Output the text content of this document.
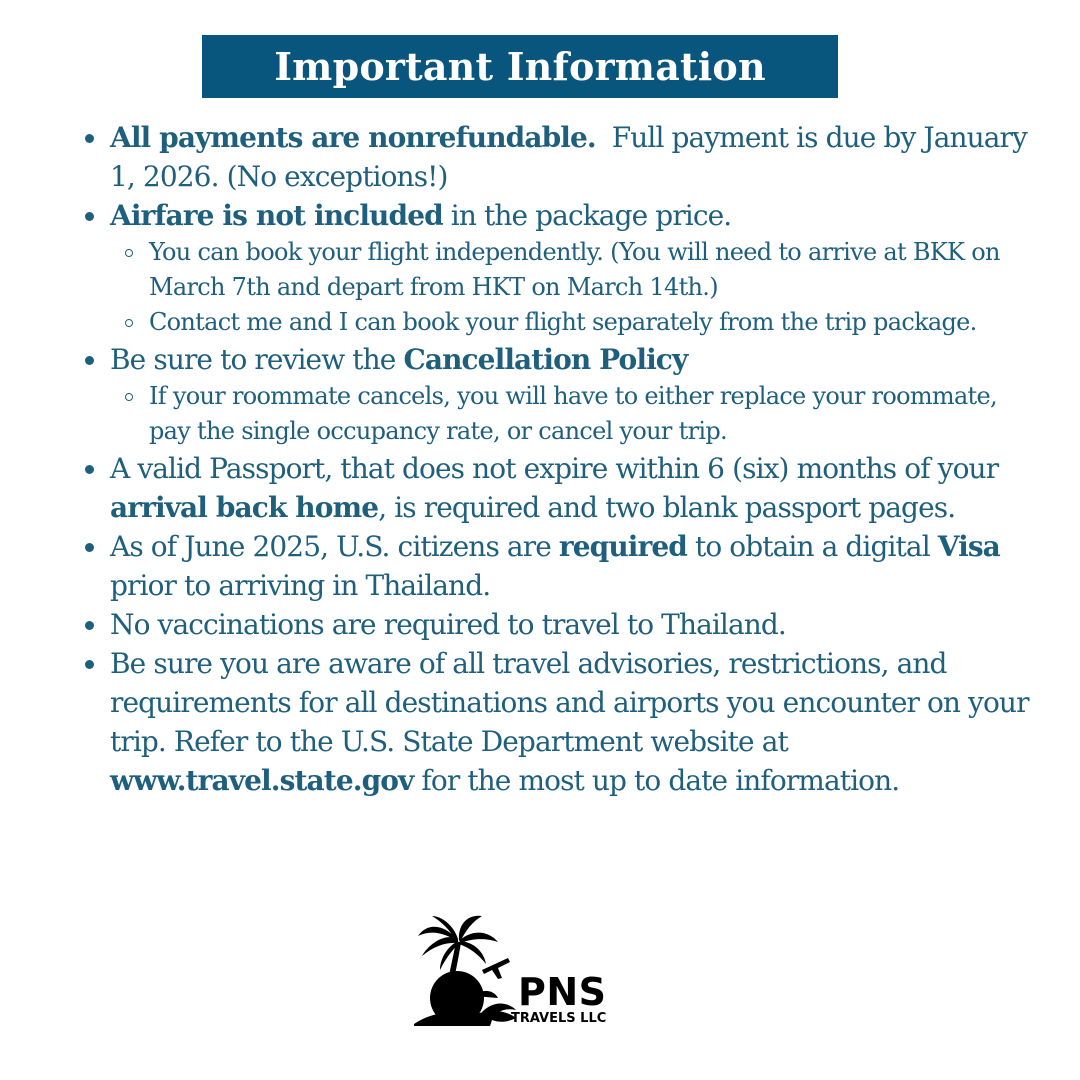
Important Information
All payments are nonrefundable.  Full payment is due by January 1, 2026. (No exceptions!)
Airfare is not included in the package price.
You can book your flight independently. (You will need to arrive at BKK on March 7th and depart from HKT on March 14th.)
Contact me and I can book your flight separately from the trip package.
Be sure to review the Cancellation Policy
If your roommate cancels, you will have to either replace your roommate, pay the single occupancy rate, or cancel your trip.
A valid Passport, that does not expire within 6 (six) months of your arrival back home, is required and two blank passport pages.
As of June 2025, U.S. citizens are required to obtain a digital Visa prior to arriving in Thailand.
No vaccinations are required to travel to Thailand.
Be sure you are aware of all travel advisories, restrictions, and requirements for all destinations and airports you encounter on your trip. Refer to the U.S. State Department website at www.travel.state.gov for the most up to date information.
PNS
TRAVELS LLC
